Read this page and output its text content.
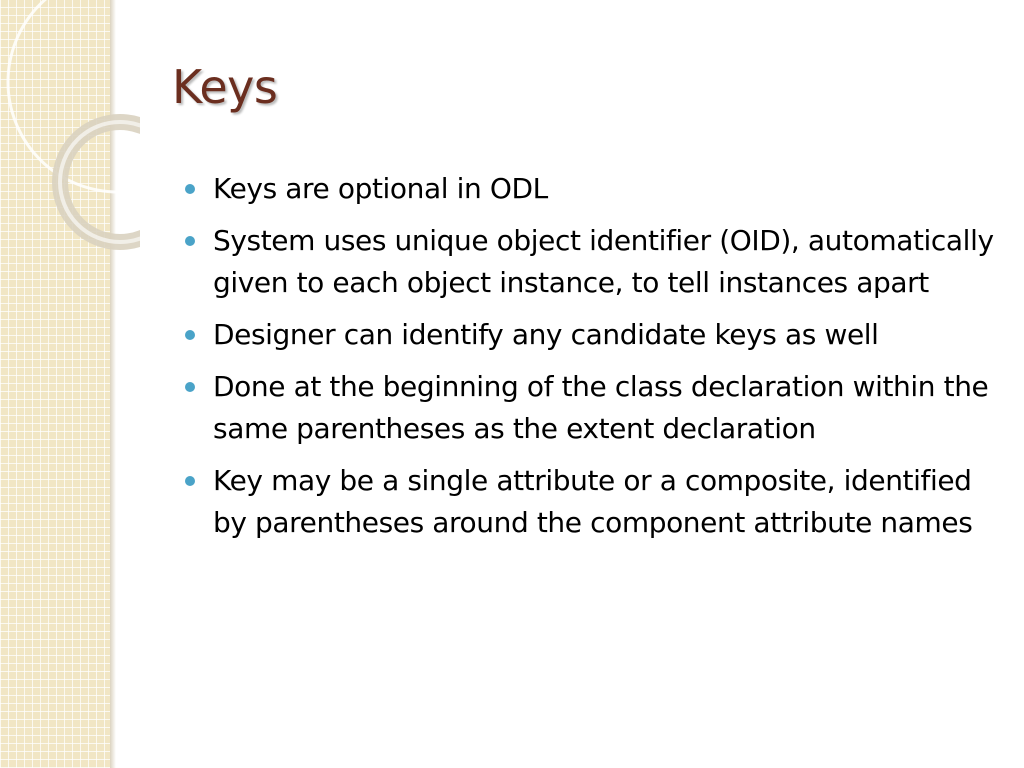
Keys
Keys are optional in ODL
System uses unique object identifier (OID), automatically given to each object instance, to tell instances apart
Designer can identify any candidate keys as well
Done at the beginning of the class declaration within the same parentheses as the extent declaration
Key may be a single attribute or a composite, identified by parentheses around the component attribute names
